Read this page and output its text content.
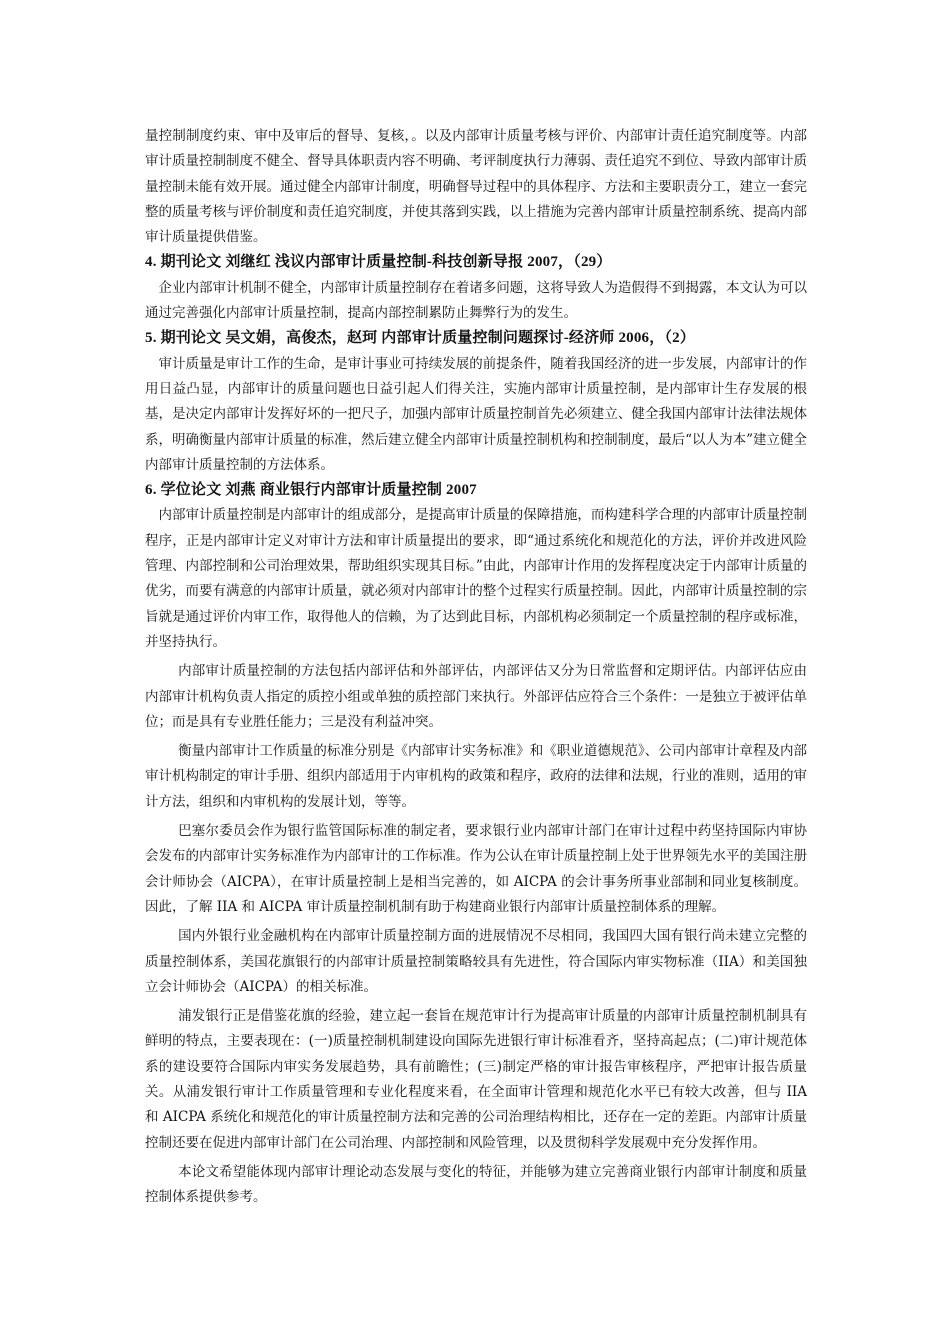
量控制制度约束、审中及审后的督导、复核，。以及内部审计质量考核与评价、内部审计责任追究制度等。内部审计质量控制制度不健全、督导具体职责内容不明确、考评制度执行力薄弱、责任追究不到位、导致内部审计质量控制未能有效开展。通过健全内部审计制度，明确督导过程中的具体程序、方法和主要职责分工，建立一套完整的质量考核与评价制度和责任追究制度，并使其落到实践，以上措施为完善内部审计质量控制系统、提高内部审计质量提供借鉴。

4. 期刊论文 刘继红 浅议内部审计质量控制-科技创新导报 2007，（29）

企业内部审计机制不健全，内部审计质量控制存在着诸多问题，这将导致人为造假得不到揭露，本文认为可以通过完善强化内部审计质量控制，提高内部控制累防止舞弊行为的发生。

5. 期刊论文 吴文娟，高俊杰，赵珂 内部审计质量控制问题探讨-经济师 2006，（2）

审计质量是审计工作的生命，是审计事业可持续发展的前提条件，随着我国经济的进一步发展，内部审计的作用日益凸显，内部审计的质量问题也日益引起人们得关注，实施内部审计质量控制，是内部审计生存发展的根基，是决定内部审计发挥好坏的一把尺子，加强内部审计质量控制首先必须建立、健全我国内部审计法律法规体系，明确衡量内部审计质量的标准，然后建立健全内部审计质量控制机构和控制制度，最后“以人为本”建立健全内部审计质量控制的方法体系。

6. 学位论文 刘燕 商业银行内部审计质量控制 2007

内部审计质量控制是内部审计的组成部分，是提高审计质量的保障措施，而构建科学合理的内部审计质量控制程序，正是内部审计定义对审计方法和审计质量提出的要求，即“通过系统化和规范化的方法，评价并改进风险管理、内部控制和公司治理效果，帮助组织实现其目标。”由此，内部审计作用的发挥程度决定于内部审计质量的优劣，而要有满意的内部审计质量，就必须对内部审计的整个过程实行质量控制。因此，内部审计质量控制的宗旨就是通过评价内审工作，取得他人的信赖，为了达到此目标，内部机构必须制定一个质量控制的程序或标准，并坚持执行。

内部审计质量控制的方法包括内部评估和外部评估，内部评估又分为日常监督和定期评估。内部评估应由内部审计机构负责人指定的质控小组或单独的质控部门来执行。外部评估应符合三个条件：一是独立于被评估单位；而是具有专业胜任能力；三是没有利益冲突。

衡量内部审计工作质量的标准分别是《内部审计实务标准》和《职业道德规范》、公司内部审计章程及内部审计机构制定的审计手册、组织内部适用于内审机构的政策和程序，政府的法律和法规，行业的准则，适用的审计方法，组织和内审机构的发展计划，等等。

巴塞尔委员会作为银行监管国际标准的制定者，要求银行业内部审计部门在审计过程中药坚持国际内审协会发布的内部审计实务标准作为内部审计的工作标准。作为公认在审计质量控制上处于世界领先水平的美国注册会计师协会（AICPA），在审计质量控制上是相当完善的，如 AICPA 的会计事务所事业部制和同业复核制度。因此，了解 IIA 和 AICPA 审计质量控制机制有助于构建商业银行内部审计质量控制体系的理解。

国内外银行业金融机构在内部审计质量控制方面的进展情况不尽相同，我国四大国有银行尚未建立完整的质量控制体系，美国花旗银行的内部审计质量控制策略较具有先进性，符合国际内审实物标准（IIA）和美国独立会计师协会（AICPA）的相关标准。

浦发银行正是借鉴花旗的经验，建立起一套旨在规范审计行为提高审计质量的内部审计质量控制机制具有鲜明的特点，主要表现在：(一)质量控制机制建设向国际先进银行审计标准看齐，坚持高起点；(二)审计规范体系的建设要符合国际内审实务发展趋势，具有前瞻性；(三)制定严格的审计报告审核程序，严把审计报告质量关。从浦发银行审计工作质量管理和专业化程度来看，在全面审计管理和规范化水平已有较大改善，但与 IIA 和 AICPA 系统化和规范化的审计质量控制方法和完善的公司治理结构相比，还存在一定的差距。内部审计质量控制还要在促进内部审计部门在公司治理、内部控制和风险管理，以及贯彻科学发展观中充分发挥作用。

本论文希望能体现内部审计理论动态发展与变化的特征，并能够为建立完善商业银行内部审计制度和质量控制体系提供参考。
